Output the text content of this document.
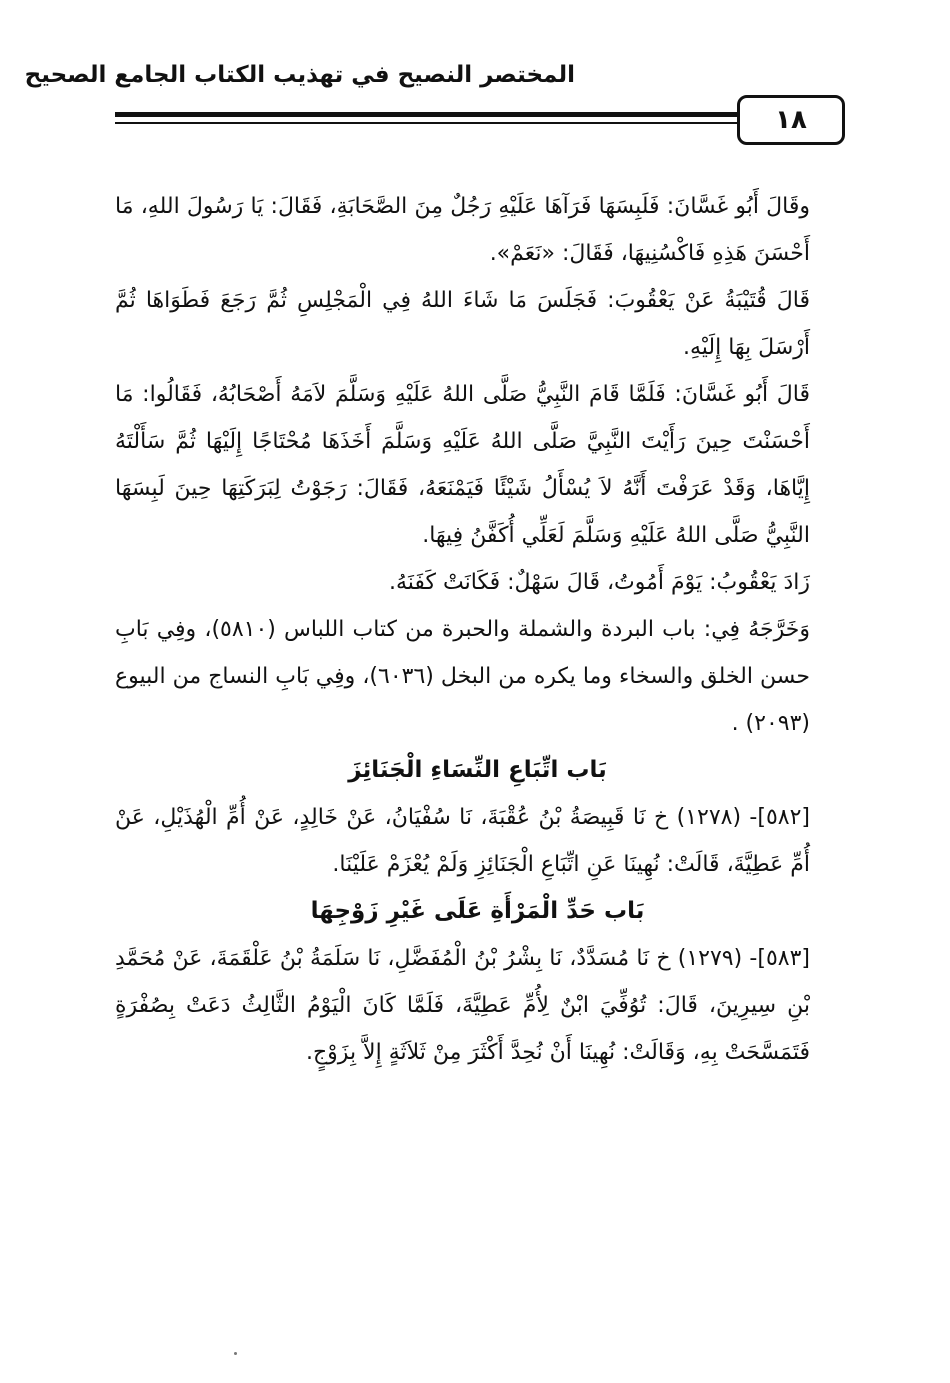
المختصر النصيح في تهذيب الكتاب الجامع الصحيح
١٨

وقَالَ أَبُو غَسَّانَ: فَلَبِسَهَا فَرَآهَا عَلَيْهِ رَجُلٌ مِنَ الصَّحَابَةِ، فَقَالَ: يَا رَسُولَ اللهِ، مَا أَحْسَنَ هَذِهِ فَاكْسُنِيهَا، فَقَالَ: «نَعَمْ».

قَالَ قُتَيْبَةُ عَنْ يَعْقُوبَ: فَجَلَسَ مَا شَاءَ اللهُ فِي الْمَجْلِسِ ثُمَّ رَجَعَ فَطَوَاهَا ثُمَّ أَرْسَلَ بِهَا إِلَيْهِ.

قَالَ أَبُو غَسَّانَ: فَلَمَّا قَامَ النَّبِيُّ صَلَّى اللهُ عَلَيْهِ وَسَلَّمَ لاَمَهُ أَصْحَابُهُ، فَقَالُوا: مَا أَحْسَنْتَ حِينَ رَأَيْتَ النَّبِيَّ صَلَّى اللهُ عَلَيْهِ وَسَلَّمَ أَخَذَهَا مُحْتَاجًا إِلَيْهَا ثُمَّ سَأَلْتَهُ إِيَّاهَا، وَقَدْ عَرَفْتَ أَنَّهُ لاَ يُسْأَلُ شَيْئًا فَيَمْنَعَهُ، فَقَالَ: رَجَوْتُ لِبَرَكَتِهَا حِينَ لَبِسَهَا النَّبِيُّ صَلَّى اللهُ عَلَيْهِ وَسَلَّمَ لَعَلِّي أُكَفَّنُ فِيهَا.

زَادَ يَعْقُوبُ: يَوْمَ أَمُوتُ، قَالَ سَهْلٌ: فَكَانَتْ كَفَنَهُ.

وَخَرَّجَهُ فِي: باب البردة والشملة والحبرة من كتاب اللباس (٥٨١٠)، وفِي بَابِ حسن الخلق والسخاء وما يكره من البخل (٦٠٣٦)، وفِي بَابِ النساج من البيوع (٢٠٩٣) .

بَاب اتِّبَاعِ النِّسَاءِ الْجَنَائِزَ

[٥٨٢]- (١٢٧٨) خ نَا قَبِيصَةُ بْنُ عُقْبَةَ، نَا سُفْيَانُ، عَنْ خَالِدٍ، عَنْ أُمِّ الْهُذَيْلِ، عَنْ أُمِّ عَطِيَّةَ، قَالَتْ: نُهِينَا عَنِ اتِّبَاعِ الْجَنَائِزِ وَلَمْ يُعْزَمْ عَلَيْنَا.

بَاب حَدِّ الْمَرْأَةِ عَلَى غَيْرِ زَوْجِهَا

[٥٨٣]- (١٢٧٩) خ نَا مُسَدَّدٌ، نَا بِشْرُ بْنُ الْمُفَضَّلِ، نَا سَلَمَةُ بْنُ عَلْقَمَةَ، عَنْ مُحَمَّدِ بْنِ سِيرِينَ، قَالَ: تُوُفِّيَ ابْنٌ لِأُمِّ عَطِيَّةَ، فَلَمَّا كَانَ الْيَوْمُ الثَّالِثُ دَعَتْ بِصُفْرَةٍ فَتَمَسَّحَتْ بِهِ، وَقَالَتْ: نُهِينَا أَنْ نُحِدَّ أَكْثَرَ مِنْ ثَلاَثَةٍ إِلاَّ بِزَوْجٍ.
